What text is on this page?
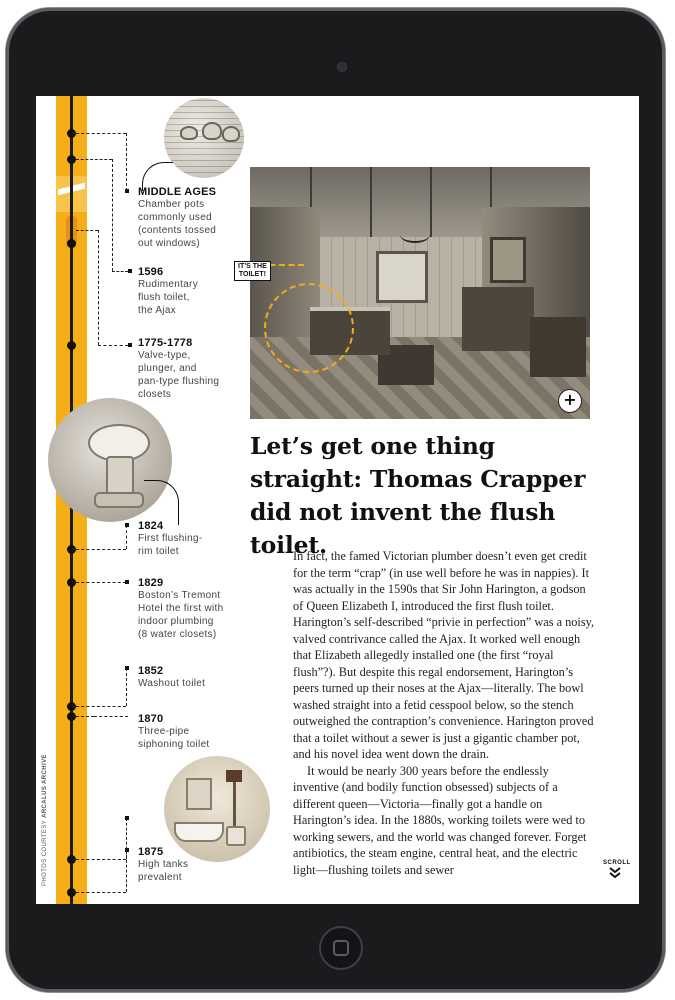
MIDDLE AGES
Chamber pots
commonly used
(contents tossed
out windows)
1596
Rudimentary
flush toilet,
the Ajax
1775-1778
Valve-type,
plunger, and
pan-type flushing
closets
1824
First flushing-
rim toilet
1829
Boston’s Tremont
Hotel the first with
indoor plumbing
(8 water closets)
1852
Washout toilet
1870
Three-pipe
siphoning toilet
1875
High tanks
prevalent
+
IT’S THE
TOILET!
Let’s get one thing straight: Thomas Crapper did not invent the flush toilet.

In fact, the famed Victorian plumber doesn’t even get credit for the term “crap” (in use well before he was in nappies). It was actually in the 1590s that Sir John Harington, a godson of Queen Elizabeth I, introduced the first flush toilet. Harington’s self-described “privie in perfection” was a noisy, valved contrivance called the Ajax. It worked well enough that Elizabeth allegedly installed one (the first “royal flush”?). But despite this regal endorsement, Harington’s peers turned up their noses at the Ajax—literally. The bowl washed straight into a fetid cesspool below, so the stench outweighed the contraption’s convenience. Harington proved that a toilet without a sewer is just a gigantic chamber pot, and his novel idea went down the drain.

It would be nearly 300 years before the endlessly inventive (and bodily function obsessed) subjects of a different queen—Victoria—finally got a handle on Harington’s idea. In the 1880s, working toilets were wed to working sewers, and the world was changed forever. Forget antibiotics, the steam engine, central heat, and the electric light—flushing toilets and sewer

PHOTOS COURTESY ARCALUS ARCHIVE
SCROLL
